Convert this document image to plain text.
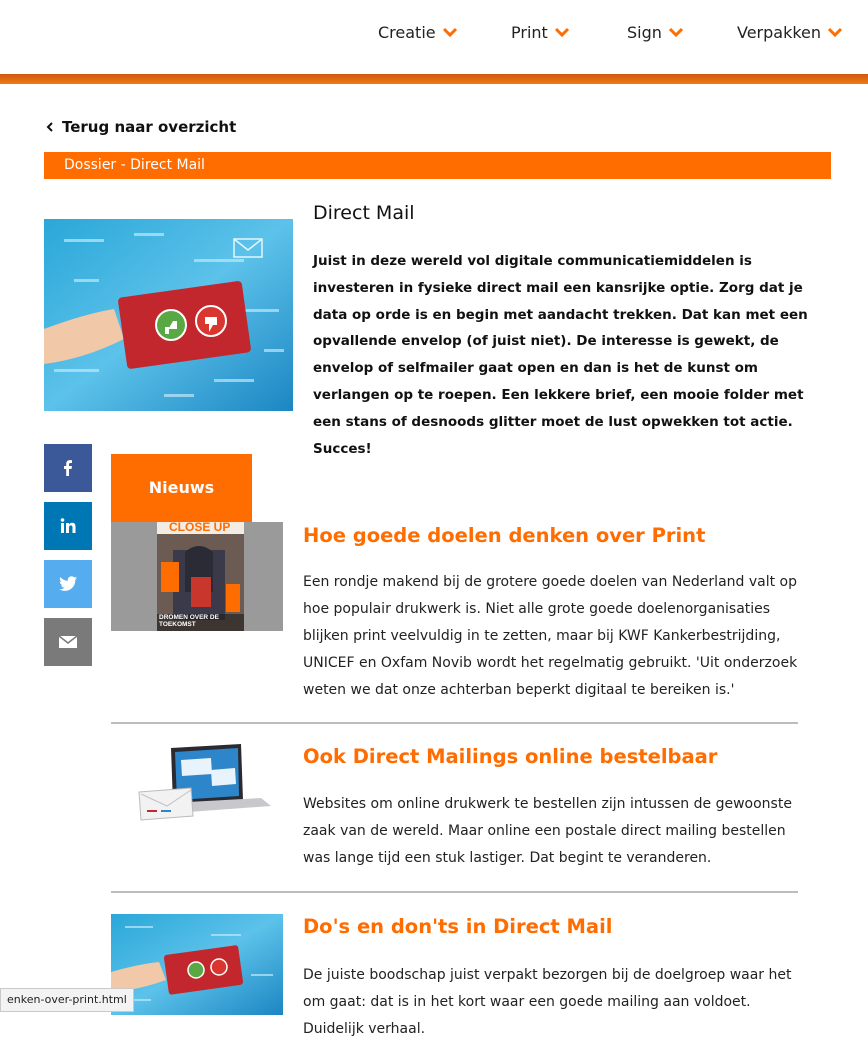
Creatie	Print	Sign	Verpakken
Terug naar overzicht
Dossier - Direct Mail
Direct Mail
Juist in deze wereld vol digitale communicatiemiddelen is investeren in fysieke direct mail een kansrijke optie. Zorg dat je data op orde is en begin met aandacht trekken. Dat kan met een opvallende envelop (of juist niet). De interesse is gewekt, de envelop of selfmailer gaat open en dan is het de kunst om verlangen op te roepen. Een lekkere brief, een mooie folder met een stans of desnoods glitter moet de lust opwekken tot actie. Succes!
Nieuws
CLOSE UP
DROMEN OVER DE TOEKOMST
Hoe goede doelen denken over Print
Een rondje makend bij de grotere goede doelen van Nederland valt op hoe populair drukwerk is. Niet alle grote goede doelenorganisaties blijken print veelvuldig in te zetten, maar bij KWF Kankerbestrijding, UNICEF en Oxfam Novib wordt het regelmatig gebruikt. 'Uit onderzoek weten we dat onze achterban beperkt digitaal te bereiken is.'
Ook Direct Mailings online bestelbaar
Websites om online drukwerk te bestellen zijn intussen de gewoonste zaak van de wereld. Maar online een postale direct mailing bestellen was lange tijd een stuk lastiger. Dat begint te veranderen.
Do's en don'ts in Direct Mail
De juiste boodschap juist verpakt bezorgen bij de doelgroep waar het om gaat: dat is in het kort waar een goede mailing aan voldoet. Duidelijk verhaal.
enken-over-print.html
